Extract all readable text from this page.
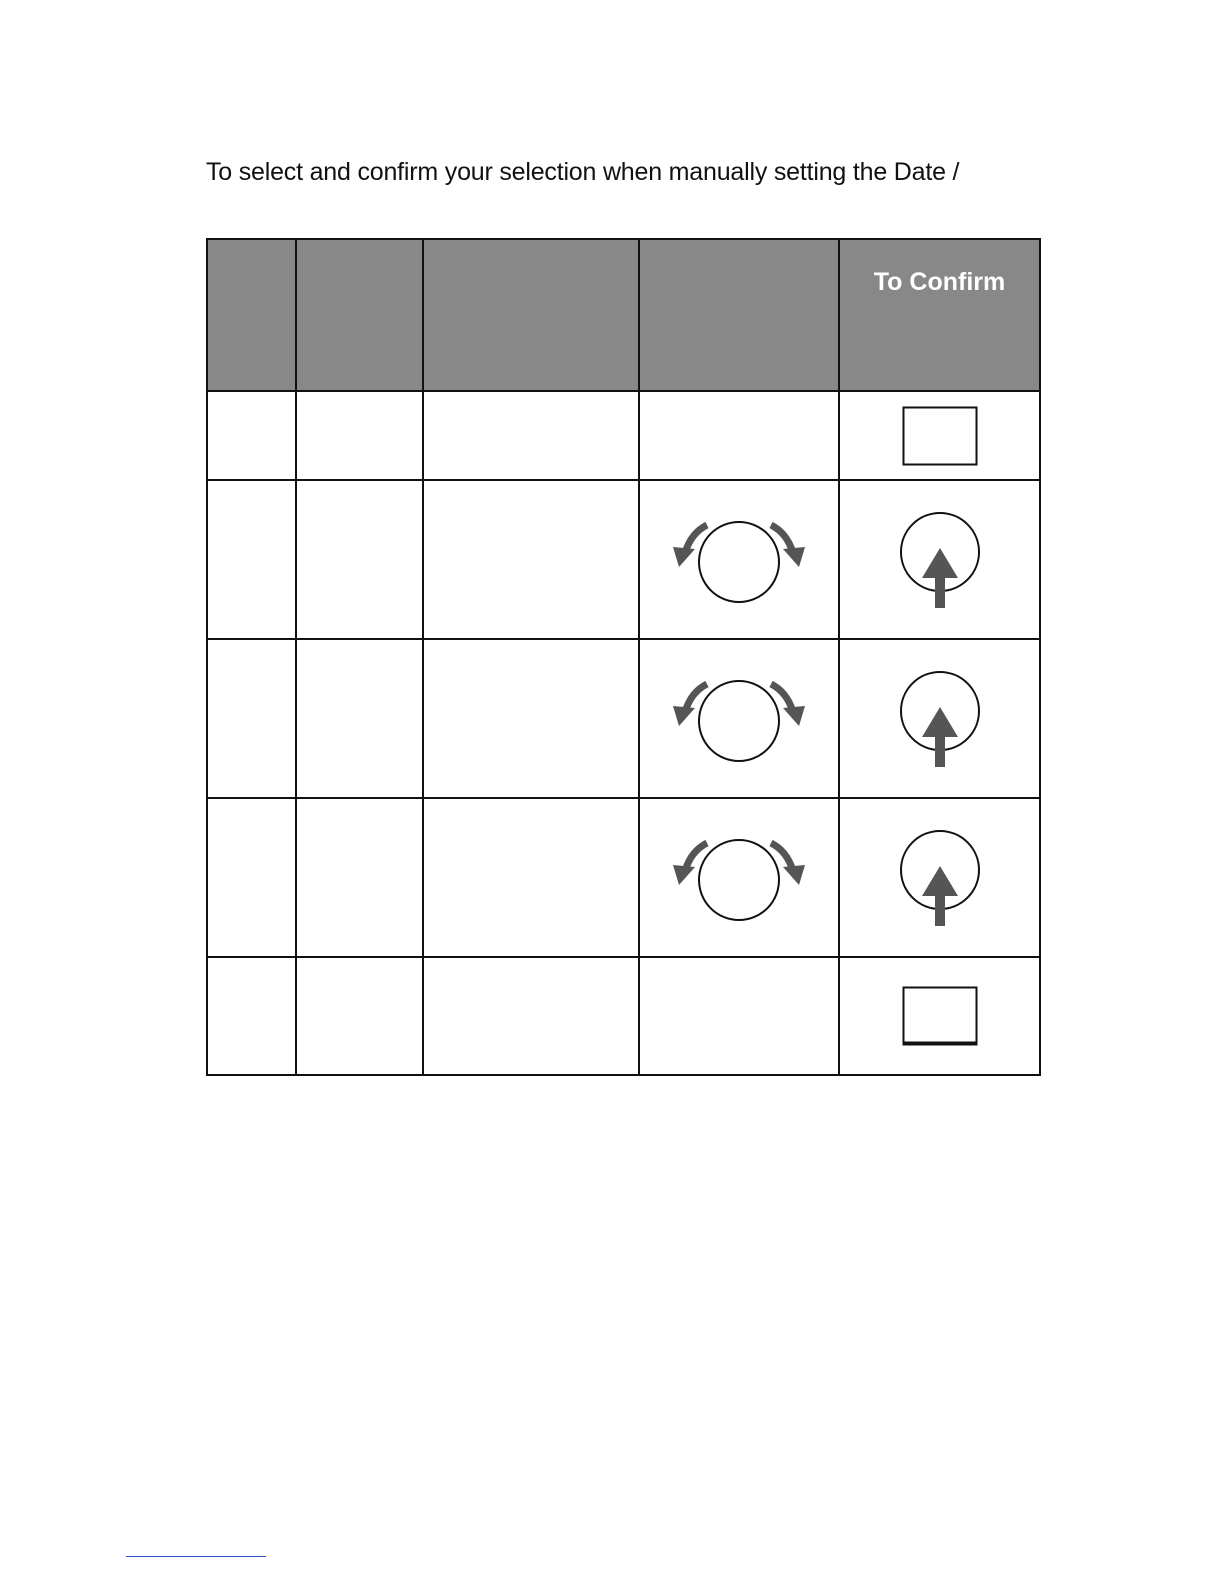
To select and confirm your selection when manually setting the Date /

				To Confirm
